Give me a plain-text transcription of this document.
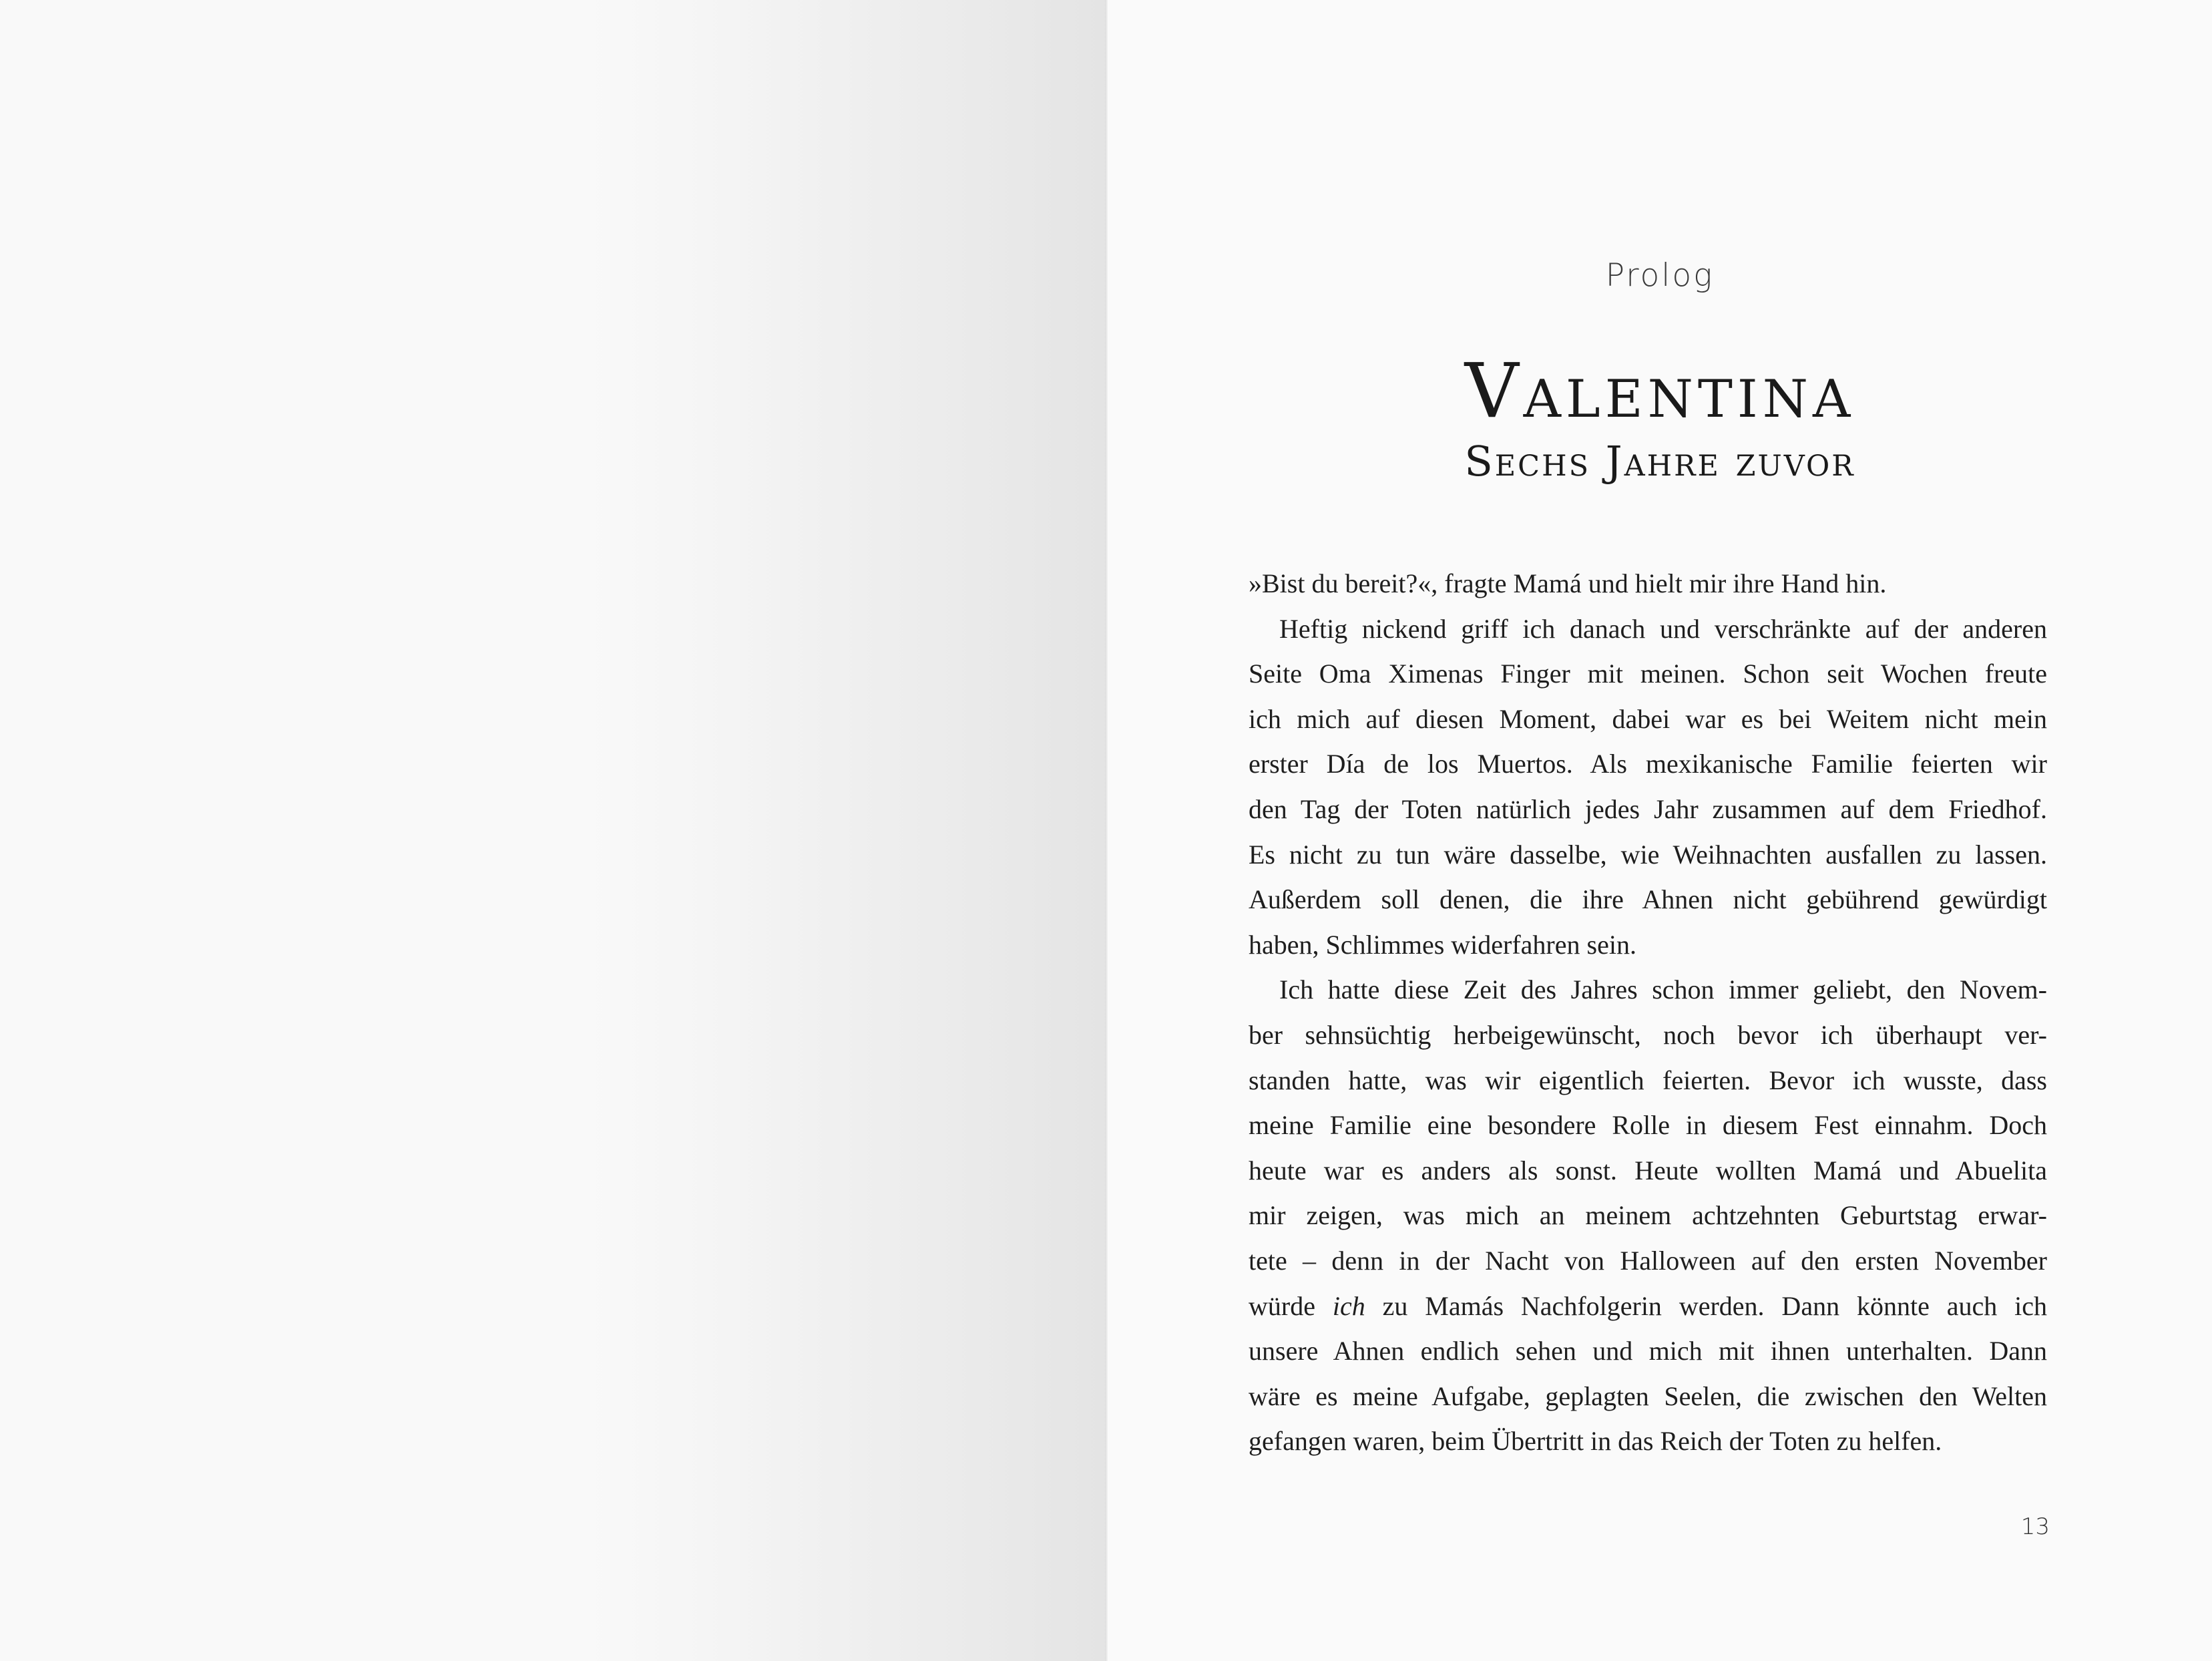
Prolog
Valentina
Sechs Jahre zuvor
»Bist du bereit?«, fragte Mamá und hielt mir ihre Hand hin.
Heftig nickend griff ich danach und verschränkte auf der anderen
Seite Oma Ximenas Finger mit meinen. Schon seit Wochen freute
ich mich auf diesen Moment, dabei war es bei Weitem nicht mein
erster Día de los Muertos. Als mexikanische Familie feierten wir
den Tag der Toten natürlich jedes Jahr zusammen auf dem Friedhof.
Es nicht zu tun wäre dasselbe, wie Weihnachten ausfallen zu lassen.
Außerdem soll denen, die ihre Ahnen nicht gebührend gewürdigt
haben, Schlimmes widerfahren sein.
Ich hatte diese Zeit des Jahres schon immer geliebt, den Novem-
ber sehnsüchtig herbeigewünscht, noch bevor ich überhaupt ver-
standen hatte, was wir eigentlich feierten. Bevor ich wusste, dass
meine Familie eine besondere Rolle in diesem Fest einnahm. Doch
heute war es anders als sonst. Heute wollten Mamá und Abuelita
mir zeigen, was mich an meinem achtzehnten Geburtstag erwar-
tete – denn in der Nacht von Halloween auf den ersten November
würde ich zu Mamás Nachfolgerin werden. Dann könnte auch ich
unsere Ahnen endlich sehen und mich mit ihnen unterhalten. Dann
wäre es meine Aufgabe, geplagten Seelen, die zwischen den Welten
gefangen waren, beim Übertritt in das Reich der Toten zu helfen.
13
